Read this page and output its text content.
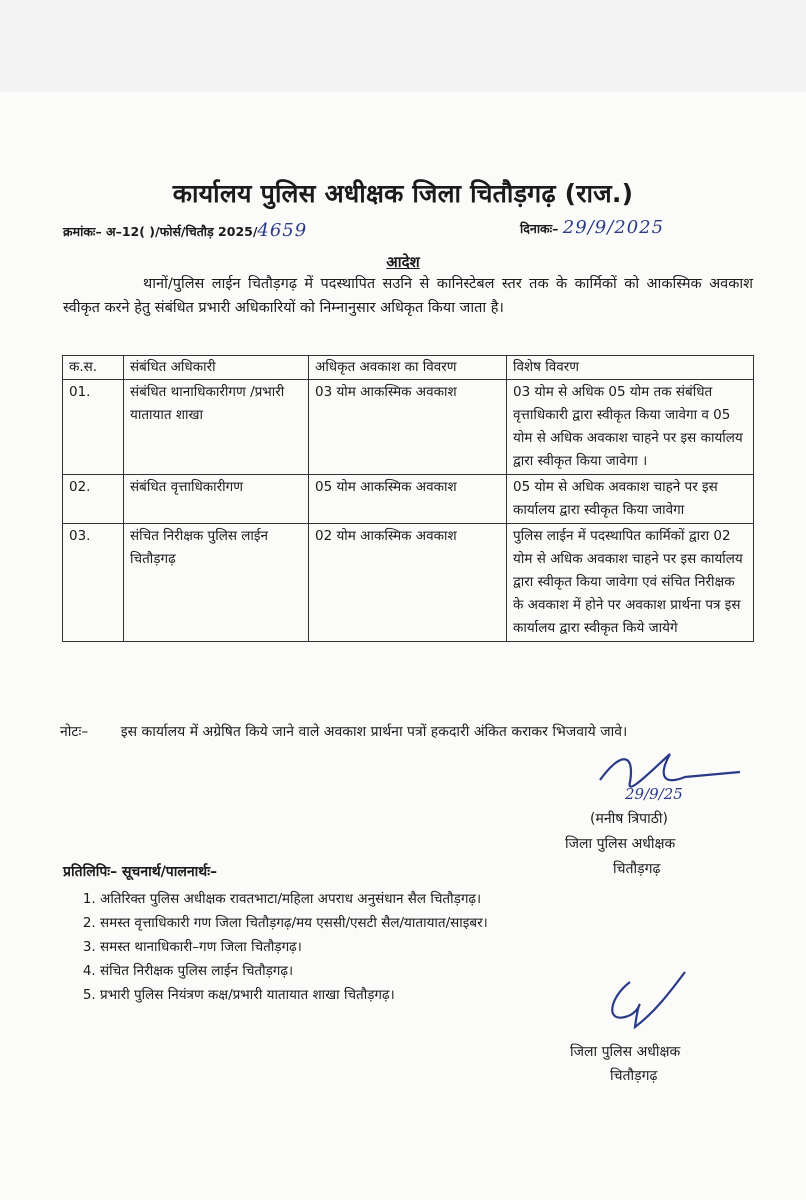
कार्यालय पुलिस अधीक्षक जिला चितौड़गढ़ (राज.)
क्रमांकः– अ–12( )/फोर्स/चितौड़ 2025/4659	दिनाकः– 29/9/2025
आदेश
थानों/पुलिस लाईन चितौड़गढ़ में पदस्थापित सउनि से कानिस्टेबल स्तर तक के कार्मिकों को आकस्मिक अवकाश स्वीकृत करने हेतु संबंधित प्रभारी अधिकारियों को निम्नानुसार अधिकृत किया जाता है।
क.स.	संबंधित अधिकारी	अधिकृत अवकाश का विवरण	विशेष विवरण
01.	संबंधित थानाधिकारीगण /प्रभारी यातायात शाखा	03 योम आकस्मिक अवकाश	03 योम से अधिक 05 योम तक संबंधित वृत्ताधिकारी द्वारा स्वीकृत किया जावेगा व 05 योम से अधिक अवकाश चाहने पर इस कार्यालय द्वारा स्वीकृत किया जावेगा ।
02.	संबंधित वृत्ताधिकारीगण	05 योम आकस्मिक अवकाश	05 योम से अधिक अवकाश चाहने पर इस कार्यालय द्वारा स्वीकृत किया जावेगा
03.	संचित निरीक्षक पुलिस लाईन चितौड़गढ़	02 योम आकस्मिक अवकाश	पुलिस लाईन में पदस्थापित कार्मिकों द्वारा 02 योम से अधिक अवकाश चाहने पर इस कार्यालय द्वारा स्वीकृत किया जावेगा एवं संचित निरीक्षक के अवकाश में होने पर अवकाश प्रार्थना पत्र इस कार्यालय द्वारा स्वीकृत किये जायेगे
नोटः– इस कार्यालय में अग्रेषित किये जाने वाले अवकाश प्रार्थना पत्रों हकदारी अंकित कराकर भिजवाये जावे।
29/9/25
(मनीष त्रिपाठी)
जिला पुलिस अधीक्षक
चितौड़गढ़
प्रतिलिपिः– सूचनार्थ/पालनार्थः–
1. अतिरिक्त पुलिस अधीक्षक रावतभाटा/महिला अपराध अनुसंधान सैल चितौड़गढ़।
2. समस्त वृत्ताधिकारी गण जिला चितौड़गढ़/मय एससी/एसटी सैल/यातायात/साइबर।
3. समस्त थानाधिकारी–गण जिला चितौड़गढ़।
4. संचित निरीक्षक पुलिस लाईन चितौड़गढ़।
5. प्रभारी पुलिस नियंत्रण कक्ष/प्रभारी यातायात शाखा चितौड़गढ़।
जिला पुलिस अधीक्षक
चितौड़गढ़
